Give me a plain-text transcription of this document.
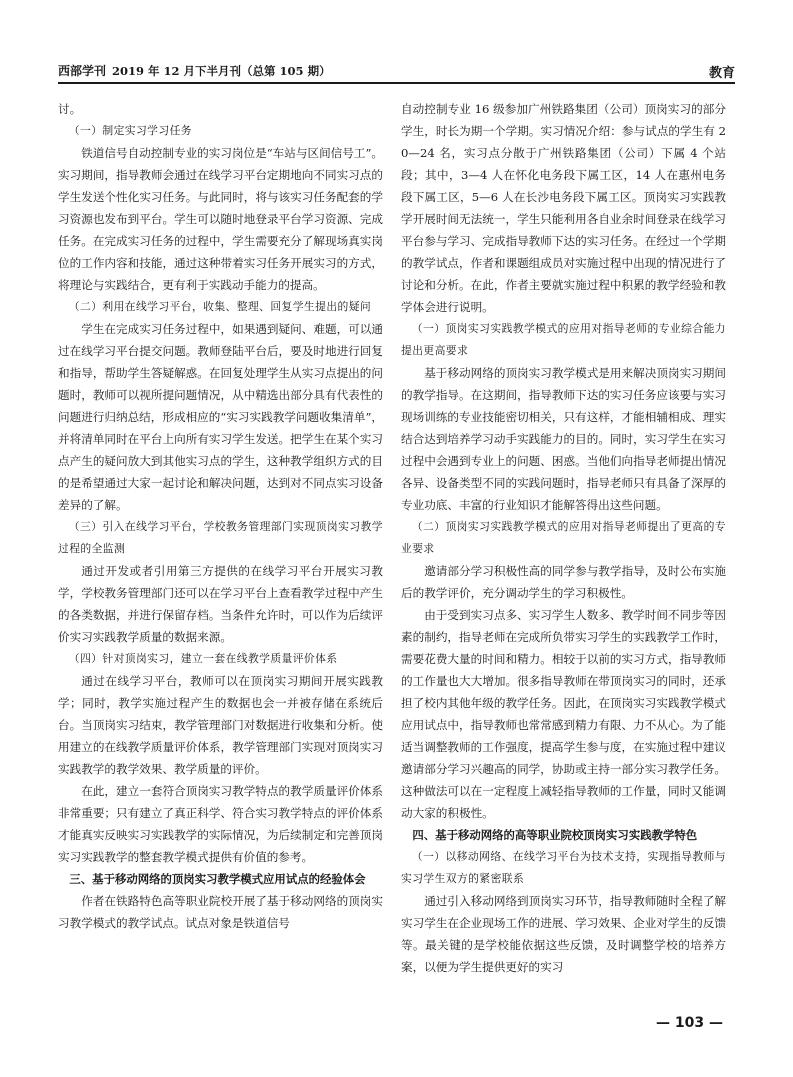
西部学刊 2019 年 12 月下半月刊（总第 105 期）	教育

讨。

（一）制定实习学习任务

铁道信号自动控制专业的实习岗位是“车站与区间信号工”。实习期间，指导教师会通过在线学习平台定期地向不同实习点的学生发送个性化实习任务。与此同时，将与该实习任务配套的学习资源也发布到平台。学生可以随时地登录平台学习资源、完成任务。在完成实习任务的过程中，学生需要充分了解现场真实岗位的工作内容和技能，通过这种带着实习任务开展实习的方式，将理论与实践结合，更有利于实践动手能力的提高。

（二）利用在线学习平台，收集、整理、回复学生提出的疑问

学生在完成实习任务过程中，如果遇到疑问、难题，可以通过在线学习平台提交问题。教师登陆平台后，要及时地进行回复和指导，帮助学生答疑解惑。在回复处理学生从实习点提出的问题时，教师可以视所提问题情况，从中精选出部分具有代表性的问题进行归纳总结，形成相应的“实习实践教学问题收集清单”，并将清单同时在平台上向所有实习学生发送。把学生在某个实习点产生的疑问放大到其他实习点的学生，这种教学组织方式的目的是希望通过大家一起讨论和解决问题，达到对不同点实习设备差异的了解。

（三）引入在线学习平台，学校教务管理部门实现顶岗实习教学过程的全监测

通过开发或者引用第三方提供的在线学习平台开展实习教学，学校教务管理部门还可以在学习平台上查看教学过程中产生的各类数据，并进行保留存档。当条件允许时，可以作为后续评价实习实践教学质量的数据来源。

（四）针对顶岗实习，建立一套在线教学质量评价体系

通过在线学习平台，教师可以在顶岗实习期间开展实践教学；同时，教学实施过程产生的数据也会一并被存储在系统后台。当顶岗实习结束，教学管理部门对数据进行收集和分析。使用建立的在线教学质量评价体系，教学管理部门实现对顶岗实习实践教学的教学效果、教学质量的评价。

在此，建立一套符合顶岗实习教学特点的教学质量评价体系非常重要；只有建立了真正科学、符合实习教学特点的评价体系才能真实反映实习实践教学的实际情况，为后续制定和完善顶岗实习实践教学的整套教学模式提供有价值的参考。

三、基于移动网络的顶岗实习教学模式应用试点的经验体会

作者在铁路特色高等职业院校开展了基于移动网络的顶岗实习教学模式的教学试点。试点对象是铁道信号

自动控制专业 16 级参加广州铁路集团（公司）顶岗实习的部分学生，时长为期一个学期。实习情况介绍：参与试点的学生有 20—24 名，实习点分散于广州铁路集团（公司）下属 4 个站段；其中，3—4 人在怀化电务段下属工区，14 人在惠州电务段下属工区，5—6 人在长沙电务段下属工区。顶岗实习实践教学开展时间无法统一，学生只能利用各自业余时间登录在线学习平台参与学习、完成指导教师下达的实习任务。在经过一个学期的教学试点，作者和课题组成员对实施过程中出现的情况进行了讨论和分析。在此，作者主要就实施过程中积累的教学经验和教学体会进行说明。

（一）顶岗实习实践教学模式的应用对指导老师的专业综合能力提出更高要求

基于移动网络的顶岗实习教学模式是用来解决顶岗实习期间的教学指导。在这期间，指导教师下达的实习任务应该要与实习现场训练的专业技能密切相关，只有这样，才能相辅相成、理实结合达到培养学习动手实践能力的目的。同时，实习学生在实习过程中会遇到专业上的问题、困惑。当他们向指导老师提出情况各异、设备类型不同的实践问题时，指导老师只有具备了深厚的专业功底、丰富的行业知识才能解答得出这些问题。

（二）顶岗实习实践教学模式的应用对指导老师提出了更高的专业要求

邀请部分学习积极性高的同学参与教学指导，及时公布实施后的教学评价，充分调动学生的学习积极性。

由于受到实习点多、实习学生人数多、教学时间不同步等因素的制约，指导老师在完成所负带实习学生的实践教学工作时，需要花费大量的时间和精力。相较于以前的实习方式，指导教师的工作量也大大增加。很多指导教师在带顶岗实习的同时，还承担了校内其他年级的教学任务。因此，在顶岗实习实践教学模式应用试点中，指导教师也常常感到精力有限、力不从心。为了能适当调整教师的工作强度，提高学生参与度，在实施过程中建议邀请部分学习兴趣高的同学，协助或主持一部分实习教学任务。这种做法可以在一定程度上减轻指导教师的工作量，同时又能调动大家的积极性。

四、基于移动网络的高等职业院校顶岗实习实践教学特色

（一）以移动网络、在线学习平台为技术支持，实现指导教师与实习学生双方的紧密联系

通过引入移动网络到顶岗实习环节，指导教师随时全程了解实习学生在企业现场工作的进展、学习效果、企业对学生的反馈等。最关键的是学校能依据这些反馈，及时调整学校的培养方案，以便为学生提供更好的实习

— 103 —
